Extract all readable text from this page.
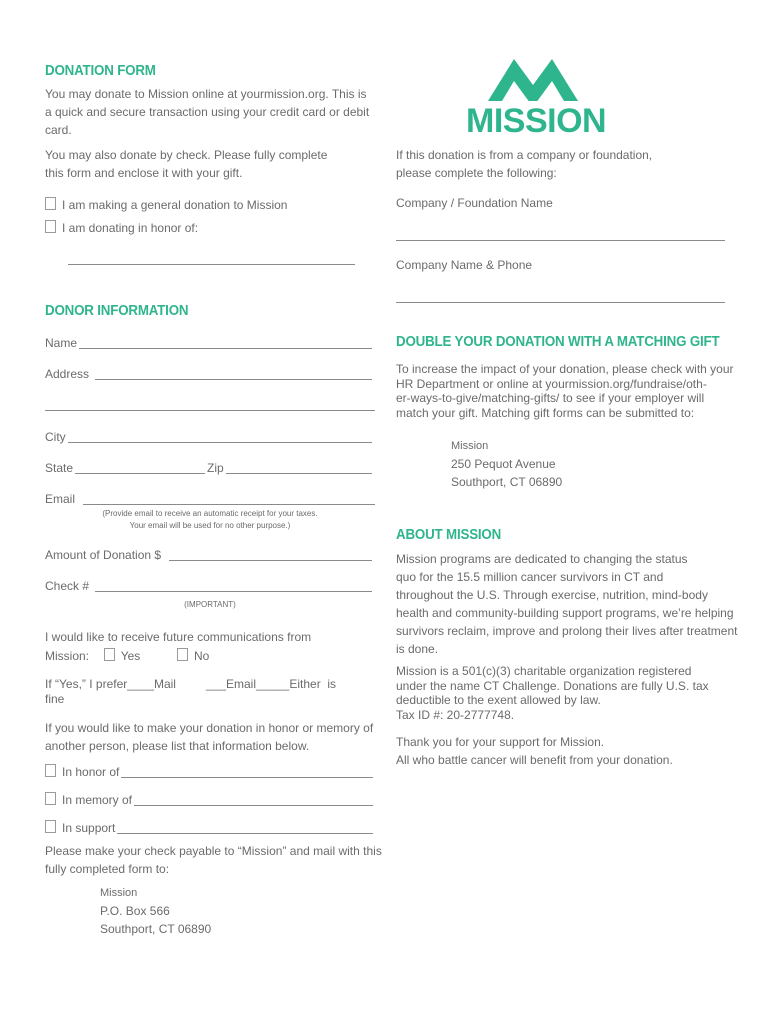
DONATION FORM
You may donate to Mission online at yourmission.org. This is
a quick and secure transaction using your credit card or debit
card.
You may also donate by check. Please fully complete
this form and enclose it with your gift.
I am making a general donation to Mission
I am donating in honor of:
DONOR INFORMATION
Name
Address
City
State	Zip
Email
(Provide email to receive an automatic receipt for your taxes.
Your email will be used for no other purpose.)
Amount of Donation $
Check #
(IMPORTANT)
I would like to receive future communications from
Mission:	Yes	No
If “Yes,” I prefer____Mail         ___Email_____Either  is
fine
If you would like to make your donation in honor or memory of
another person, please list that information below.
In honor of
In memory of
In support
Please make your check payable to “Mission” and mail with this
fully completed form to:
Mission
P.O. Box 566
Southport, CT 06890
MISSION
If this donation is from a company or foundation,
please complete the following:
Company / Foundation Name
Company Name & Phone
DOUBLE YOUR DONATION WITH A MATCHING GIFT
To increase the impact of your donation, please check with your
HR Department or online at yourmission.org/fundraise/oth-
er-ways-to-give/matching-gifts/ to see if your employer will
match your gift. Matching gift forms can be submitted to:
Mission
250 Pequot Avenue
Southport, CT 06890
ABOUT MISSION
Mission programs are dedicated to changing the status
quo for the 15.5 million cancer survivors in CT and
throughout the U.S. Through exercise, nutrition, mind-body
health and community-building support programs, we’re helping
survivors reclaim, improve and prolong their lives after treatment
is done.
Mission is a 501(c)(3) charitable organization registered
under the name CT Challenge. Donations are fully U.S. tax
deductible to the exent allowed by law.
Tax ID #: 20-2777748.
Thank you for your support for Mission.
All who battle cancer will benefit from your donation.
